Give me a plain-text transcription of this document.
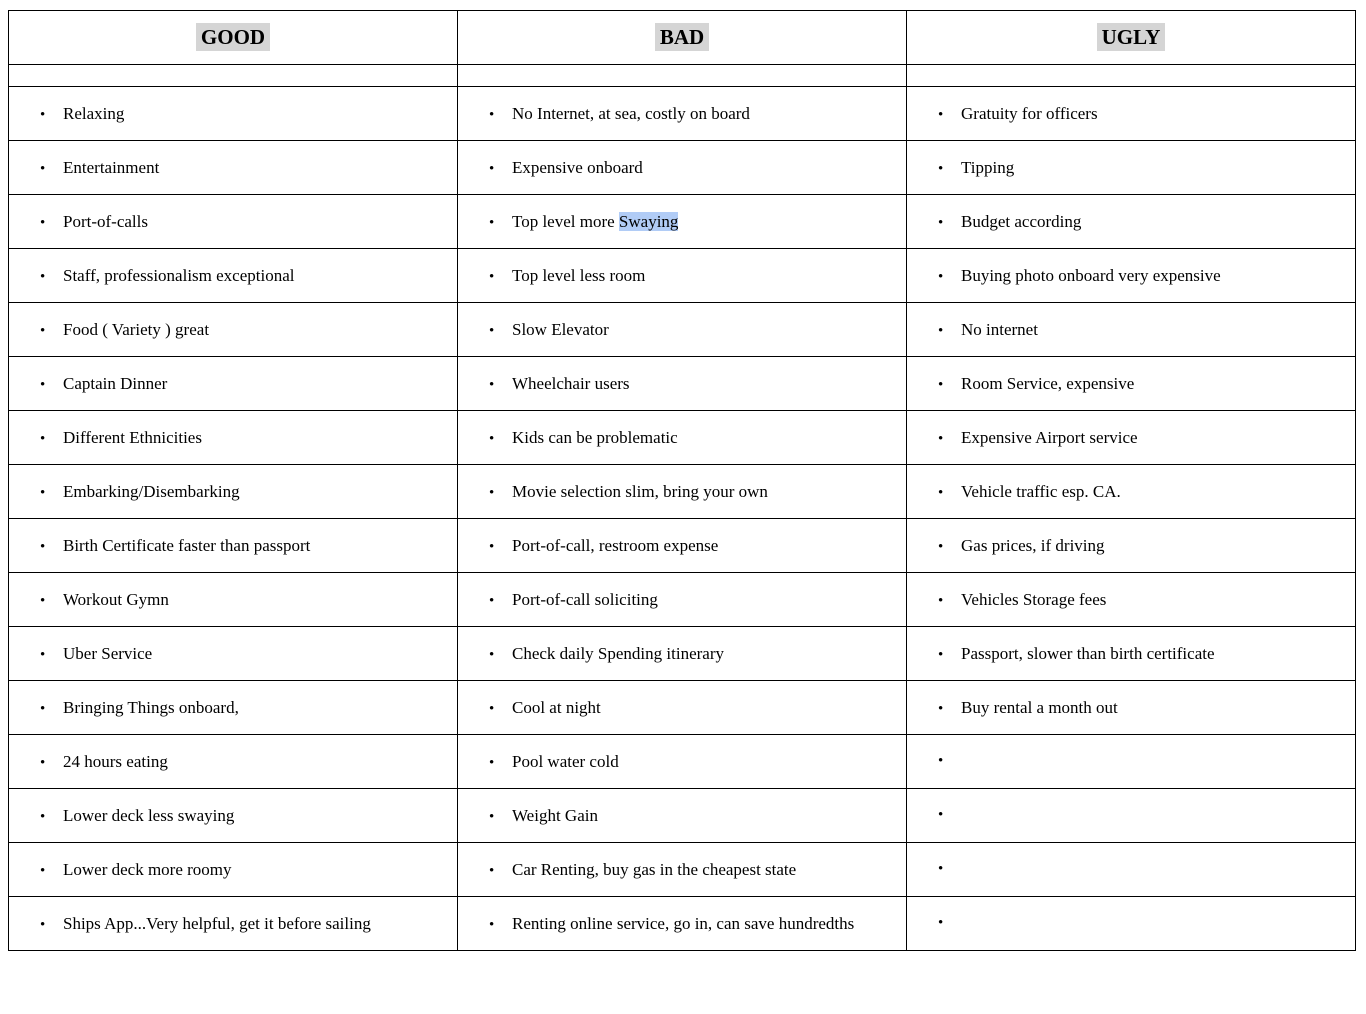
GOOD	BAD	UGLY

• Relaxing	• No Internet, at sea, costly on board	• Gratuity for officers

• Entertainment	• Expensive onboard	• Tipping

• Port-of-calls	• Top level more Swaying	• Budget according

• Staff, professionalism exceptional	• Top level less room	• Buying photo onboard very expensive

• Food ( Variety ) great	• Slow Elevator	• No internet

• Captain Dinner	• Wheelchair users	• Room Service, expensive

• Different Ethnicities	• Kids can be problematic	• Expensive Airport service

• Embarking/Disembarking	• Movie selection slim, bring your own	• Vehicle traffic esp. CA.

• Birth Certificate faster than passport	• Port-of-call, restroom expense	• Gas prices, if driving

• Workout Gymn	• Port-of-call soliciting	• Vehicles Storage fees

• Uber Service	• Check daily Spending itinerary	• Passport, slower than birth certificate

• Bringing Things onboard,	• Cool at night	• Buy rental a month out

• 24 hours eating	• Pool water cold	•

• Lower deck less swaying	• Weight Gain	•

• Lower deck more roomy	• Car Renting, buy gas in the cheapest state	•

• Ships App...Very helpful, get it before sailing	• Renting online service, go in, can save hundredths	•
